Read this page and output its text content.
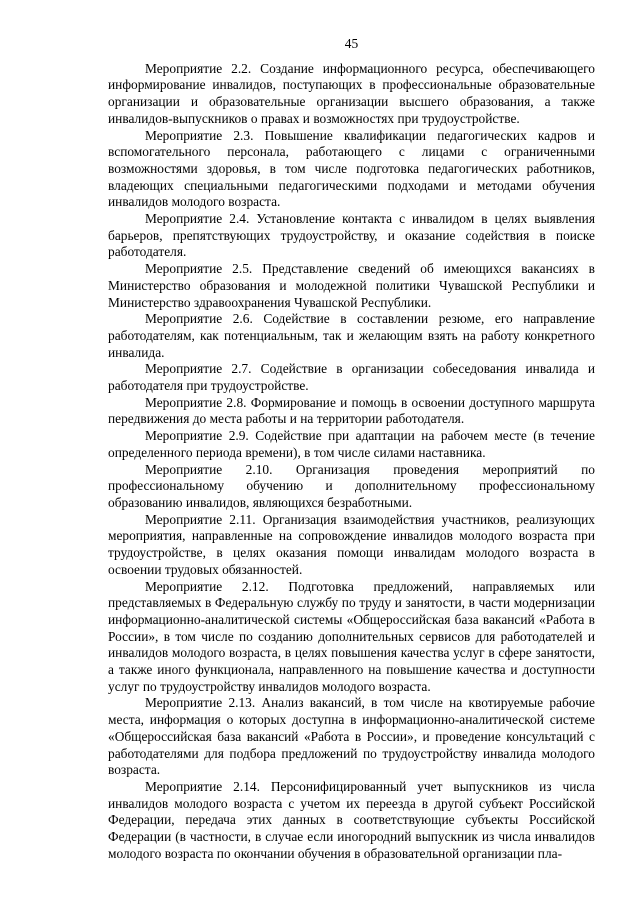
45

Мероприятие 2.2. Создание информационного ресурса, обеспечивающего информирование инвалидов, поступающих в профессиональные образовательные организации и образовательные организации высшего образования, а также инвалидов-выпускников о правах и возможностях при трудоустройстве.

Мероприятие 2.3. Повышение квалификации педагогических кадров и вспомогательного персонала, работающего с лицами с ограниченными возможностями здоровья, в том числе подготовка педагогических работников, владеющих специальными педагогическими подходами и методами обучения инвалидов молодого возраста.

Мероприятие 2.4. Установление контакта с инвалидом в целях выявления барьеров, препятствующих трудоустройству, и оказание содействия в поиске работодателя.

Мероприятие 2.5. Представление сведений об имеющихся вакансиях в Министерство образования и молодежной политики Чувашской Республики и Министерство здравоохранения Чувашской Республики.

Мероприятие 2.6. Содействие в составлении резюме, его направление работодателям, как потенциальным, так и желающим взять на работу конкретного инвалида.

Мероприятие 2.7. Содействие в организации собеседования инвалида и работодателя при трудоустройстве.

Мероприятие 2.8. Формирование и помощь в освоении доступного маршрута передвижения до места работы и на территории работодателя.

Мероприятие 2.9. Содействие при адаптации на рабочем месте (в течение определенного периода времени), в том числе силами наставника.

Мероприятие 2.10. Организация проведения мероприятий по профессиональному обучению и дополнительному профессиональному образованию инвалидов, являющихся безработными.

Мероприятие 2.11. Организация взаимодействия участников, реализующих мероприятия, направленные на сопровождение инвалидов молодого возраста при трудоустройстве, в целях оказания помощи инвалидам молодого возраста в освоении трудовых обязанностей.

Мероприятие 2.12. Подготовка предложений, направляемых или представляемых в Федеральную службу по труду и занятости, в части модернизации информационно-аналитической системы «Общероссийская база вакансий «Работа в России», в том числе по созданию дополнительных сервисов для работодателей и инвалидов молодого возраста, в целях повышения качества услуг в сфере занятости, а также иного функционала, направленного на повышение качества и доступности услуг по трудоустройству инвалидов молодого возраста.

Мероприятие 2.13. Анализ вакансий, в том числе на квотируемые рабочие места, информация о которых доступна в информационно-аналитической системе «Общероссийская база вакансий «Работа в России», и проведение консультаций с работодателями для подбора предложений по трудоустройству инвалида молодого возраста.

Мероприятие 2.14. Персонифицированный учет выпускников из числа инвалидов молодого возраста с учетом их переезда в другой субъект Российской Федерации, передача этих данных в соответствующие субъекты Российской Федерации (в частности, в случае если иногородний выпускник из числа инвалидов молодого возраста по окончании обучения в образовательной организации пла-
